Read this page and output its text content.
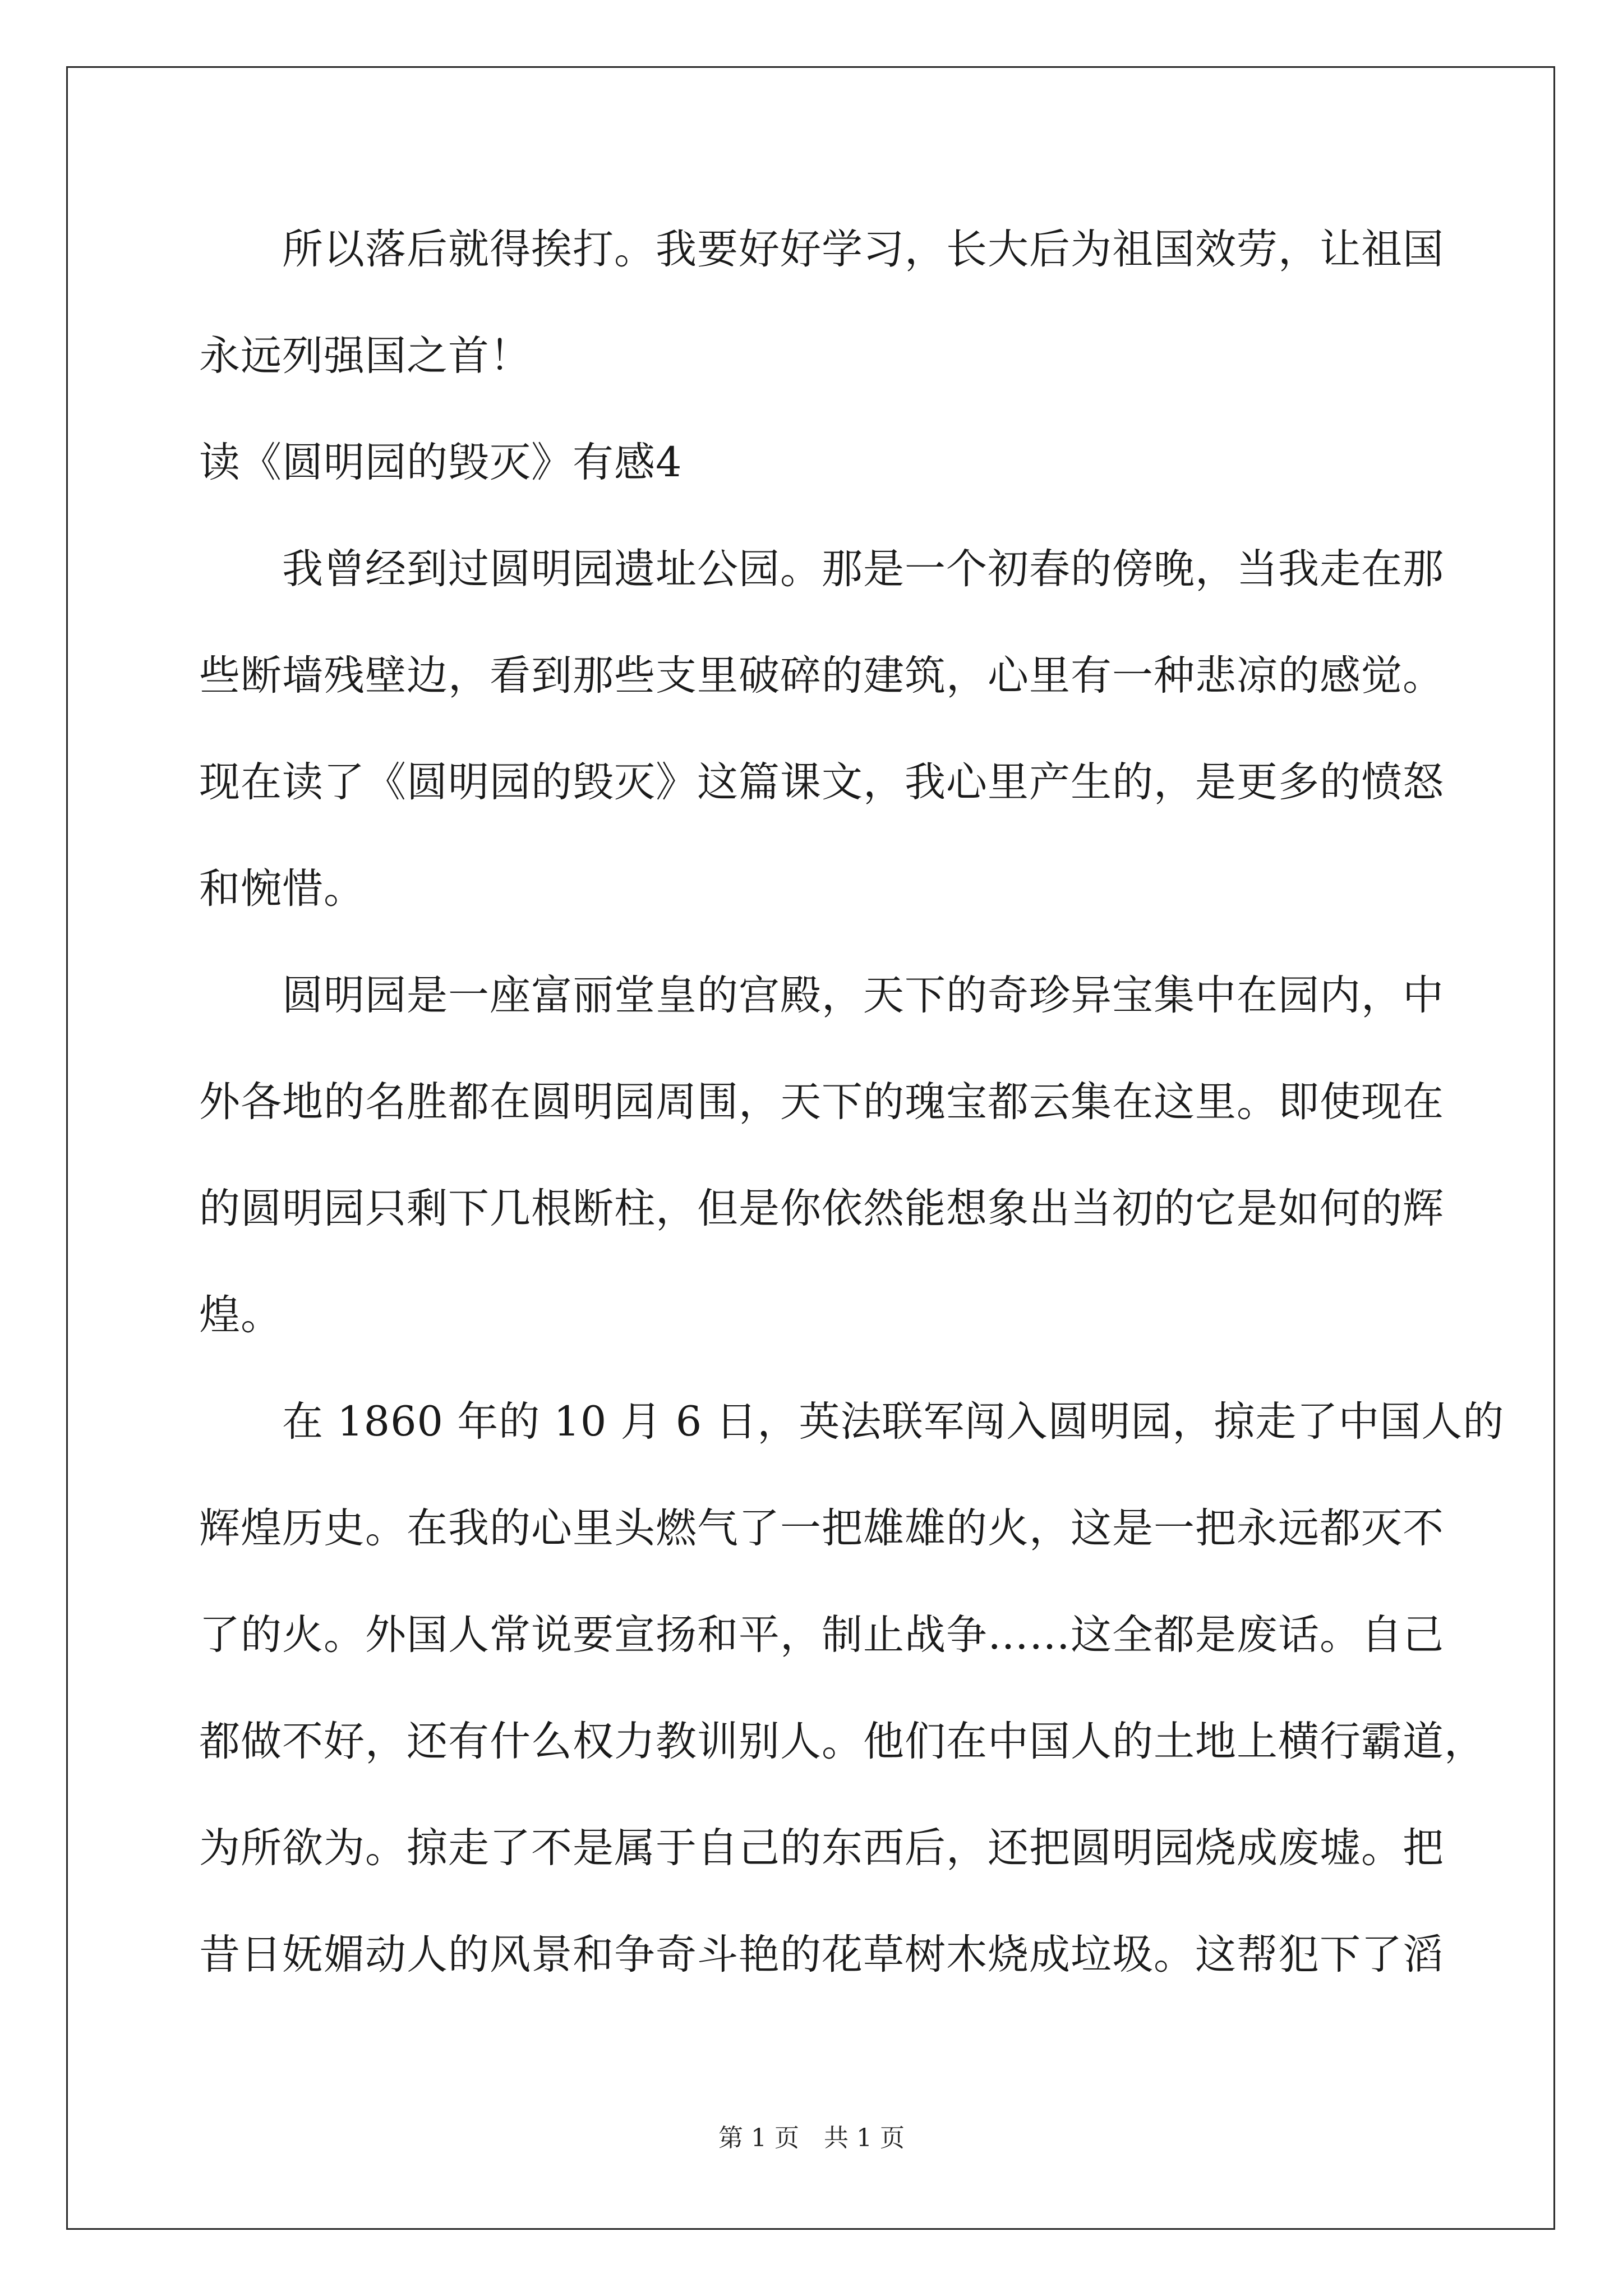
所以落后就得挨打。我要好好学习，长大后为祖国效劳，让祖国
永远列强国之首！
读《圆明园的毁灭》有感4
我曾经到过圆明园遗址公园。那是一个初春的傍晚，当我走在那
些断墙残壁边，看到那些支里破碎的建筑，心里有一种悲凉的感觉。
现在读了《圆明园的毁灭》这篇课文，我心里产生的，是更多的愤怒
和惋惜。
圆明园是一座富丽堂皇的宫殿，天下的奇珍异宝集中在园内，中
外各地的名胜都在圆明园周围，天下的瑰宝都云集在这里。即使现在
的圆明园只剩下几根断柱，但是你依然能想象出当初的它是如何的辉
煌。
在 1860 年的 10 月 6 日，英法联军闯入圆明园，掠走了中国人的
辉煌历史。在我的心里头燃气了一把雄雄的火，这是一把永远都灭不
了的火。外国人常说要宣扬和平，制止战争……这全都是废话。自己
都做不好，还有什么权力教训别人。他们在中国人的土地上横行霸道，
为所欲为。掠走了不是属于自己的东西后，还把圆明园烧成废墟。把
昔日妩媚动人的风景和争奇斗艳的花草树木烧成垃圾。这帮犯下了滔
第 1 页　共 1 页
